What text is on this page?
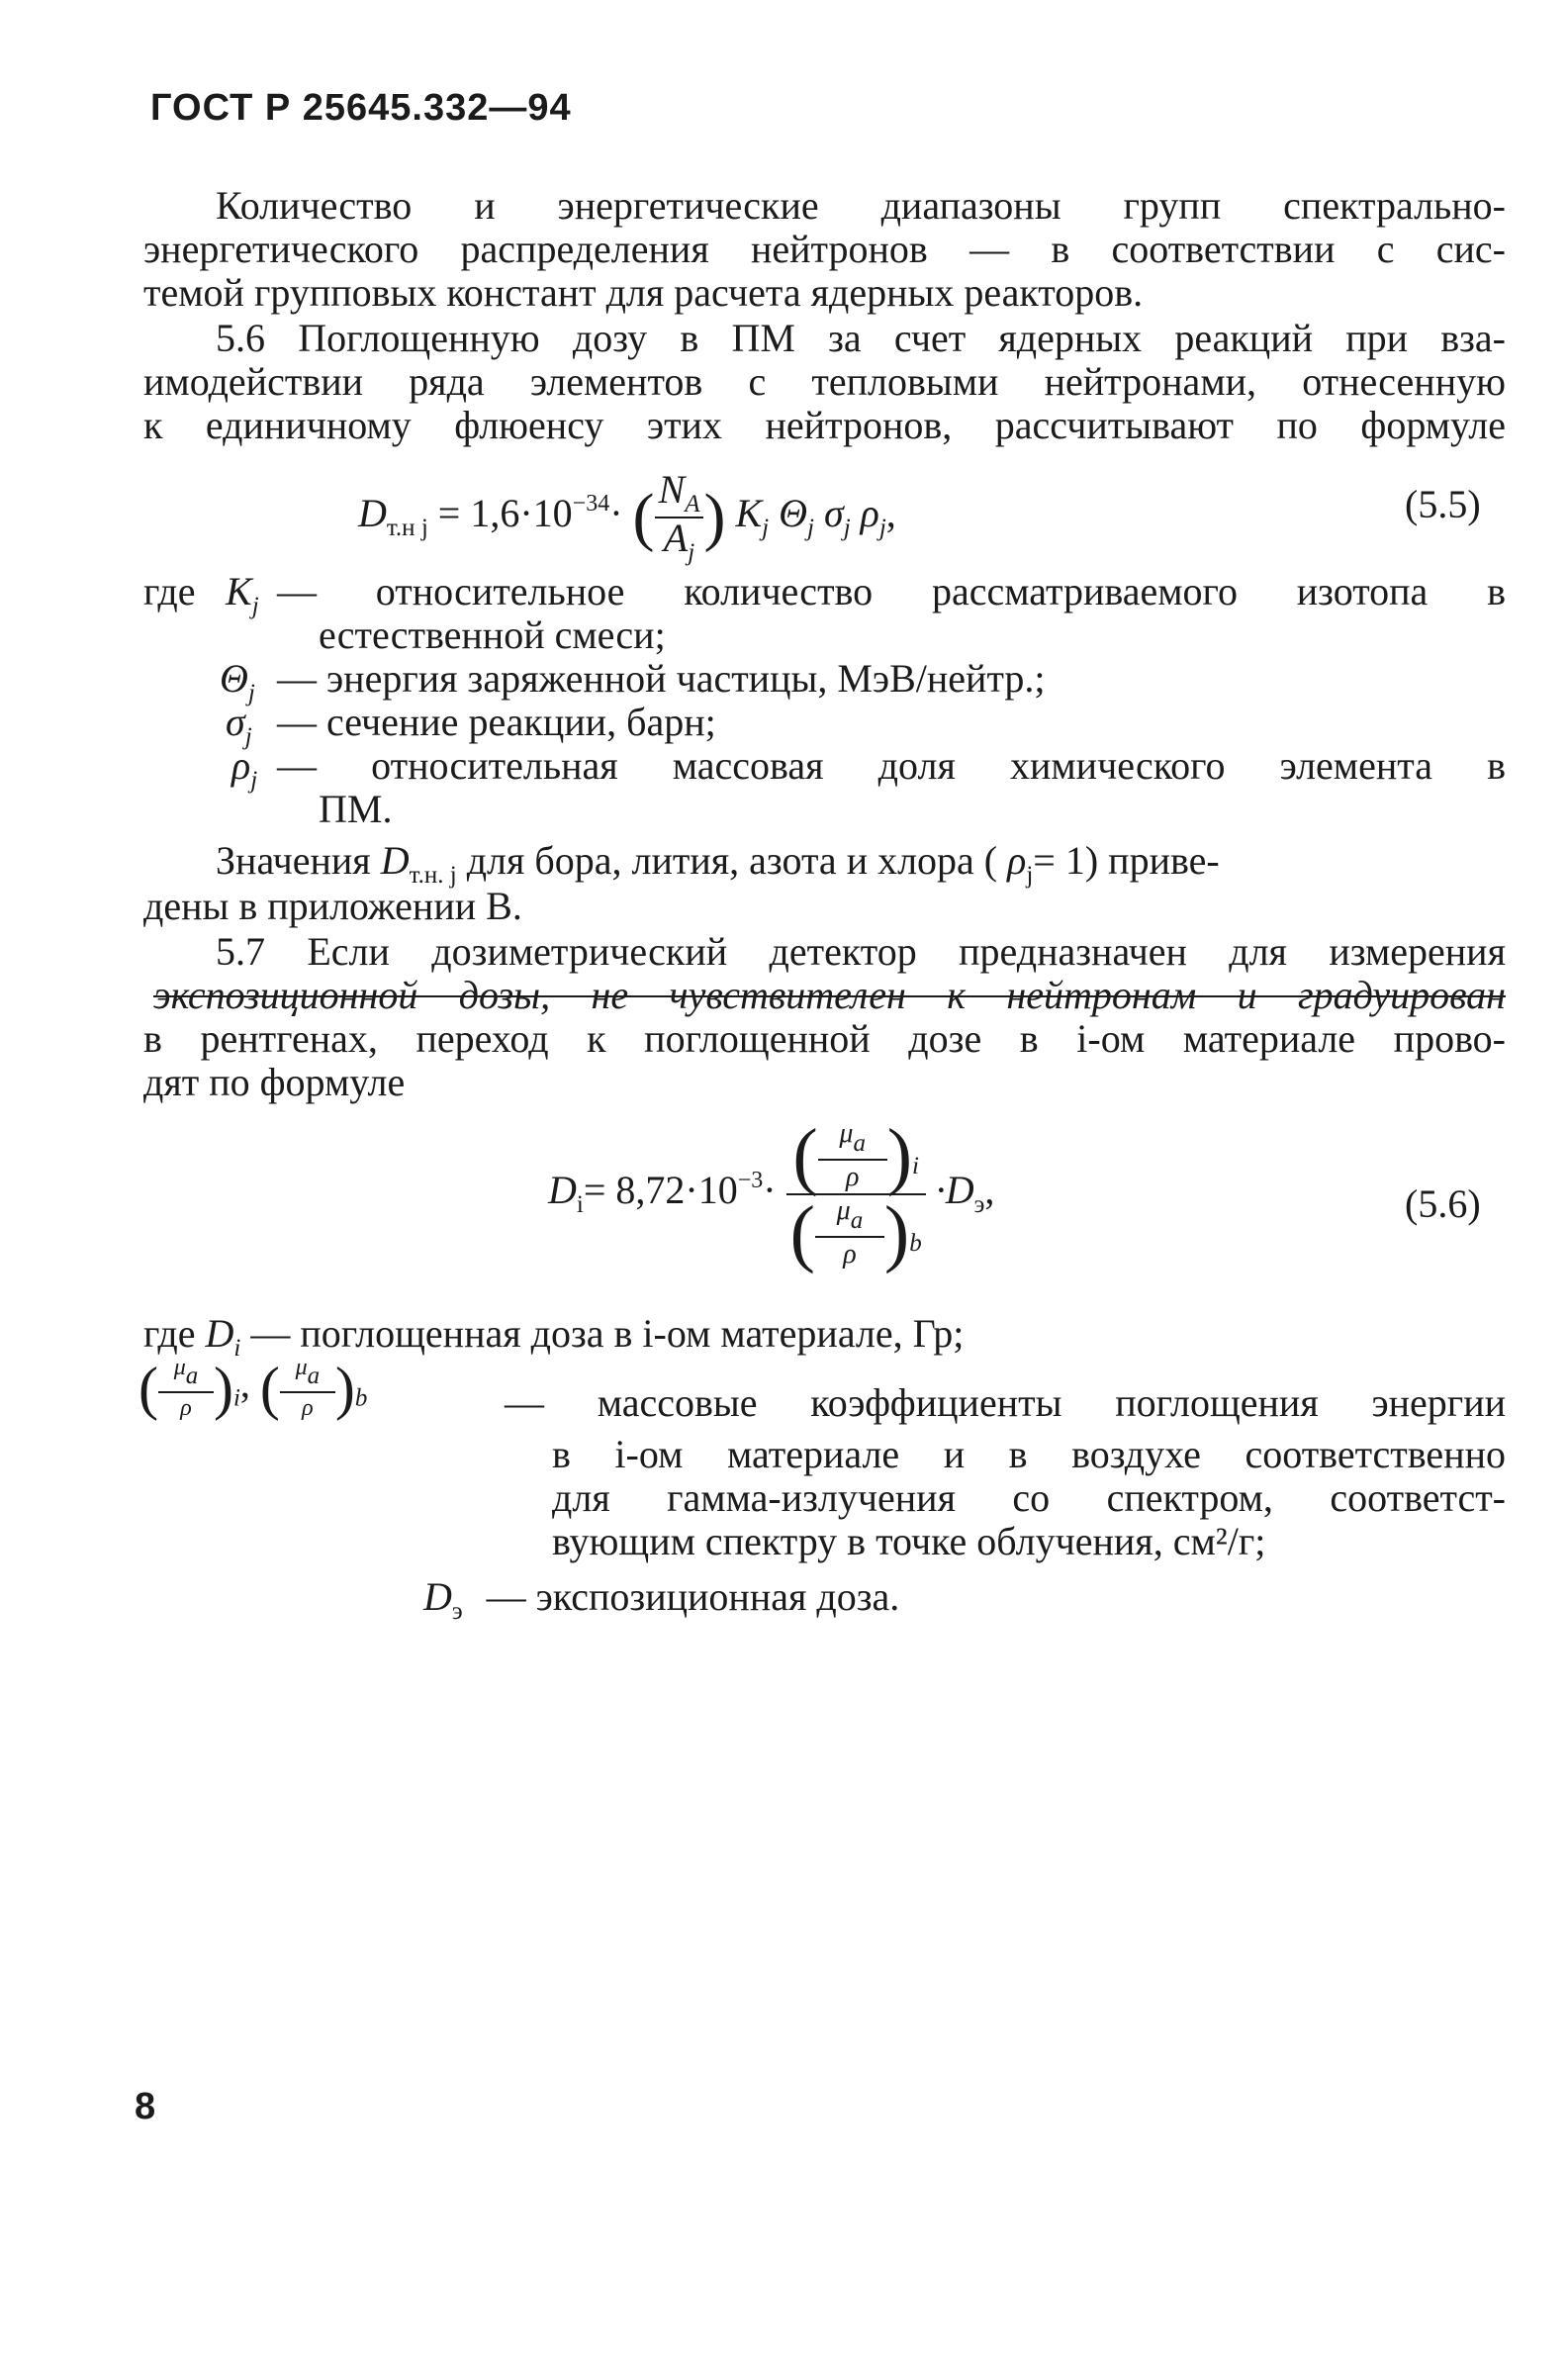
ГОСТ Р 25645.332—94
Количество и энергетические диапазоны групп спектрально-
энергетического распределения нейтронов — в соответствии с сис-
темой групповых констант для расчета ядерных реакторов.
5.6 Поглощенную дозу в ПМ за счет ядерных реакций при вза-
имодействии ряда элементов с тепловыми нейтронами, отнесенную
к единичному флюенсу этих нейтронов, рассчитывают по формуле
$D_{т.н j} = 1,6\cdot 10^{-34}\cdot$ ( $\frac{N_A}{A_j}$ ) $K_j$ $\Theta_j$ $\sigma_j$ $\rho_j$,	(5.5)
где $K_j$ — относительное количество рассматриваемого изотопа в
естественной смеси;
$\Theta_j$ — энергия заряженной частицы, МэВ/нейтр.;
$\sigma_j$ — сечение реакции, барн;
$\rho_j$ — относительная массовая доля химического элемента в
ПМ.
Значения $D_{т.н. j}$ для бора, лития, азота и хлора ( $\rho_j= 1$) приве-
дены в приложении В.
5.7 Если дозиметрический детектор предназначен для измерения
экспозиционной дозы, не чувствителен к нейтронам и градуирован
в рентгенах, переход к поглощенной дозе в i-ом материале прово-
дят по формуле
$D_i= 8,72\cdot 10^{-3}\cdot \frac{( \frac{\mu a}{\rho} )_i}{( \frac{\mu a}{\rho} )_b} \cdot D_э$,	(5.6)
где $D_i$ — поглощенная доза в i-ом материале, Гр;
( $\frac{\mu a}{\rho} )_i$, ( $\frac{\mu a}{\rho} )_b$	— массовые коэффициенты поглощения энергии
в i-ом материале и в воздухе соответственно
для гамма-излучения со спектром, соответст-
вующим спектру в точке облучения, см²/г;
$D_э$ — экспозиционная доза.
8
